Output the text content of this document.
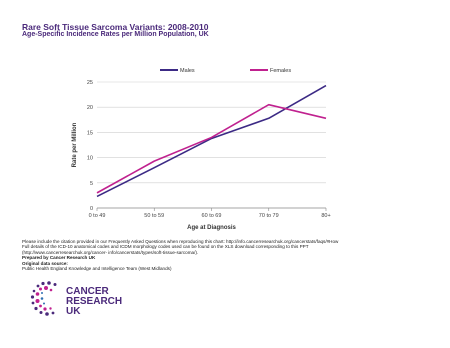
Rare Soft Tissue Sarcoma Variants: 2008-2010
Age-Specific Incidence Rates per Million Population, UK
0
5
10
15
20
25
0 to 49	50 to 59	60 to 69	70 to 79	80+
Age at Diagnosis
Rate per Million
Males	Females
Please include the citation provided in our Frequently Asked Questions when reproducing this chart: http://info.cancerresearchuk.org/cancerstats/faqs/#How
Full details of the ICD-10 anatomical codes and ICDM morphology codes used can be found on the XLS download corresponding to this PPT
(http://www.cancerresearchuk.org/cancer- info/cancerstats/types/soft-tissue-sarcoma/).
Prepared by Cancer Research UK
Original data source:
Public Health England Knowledge and Intelligence Team (West Midlands)
CANCER
RESEARCH
UK
